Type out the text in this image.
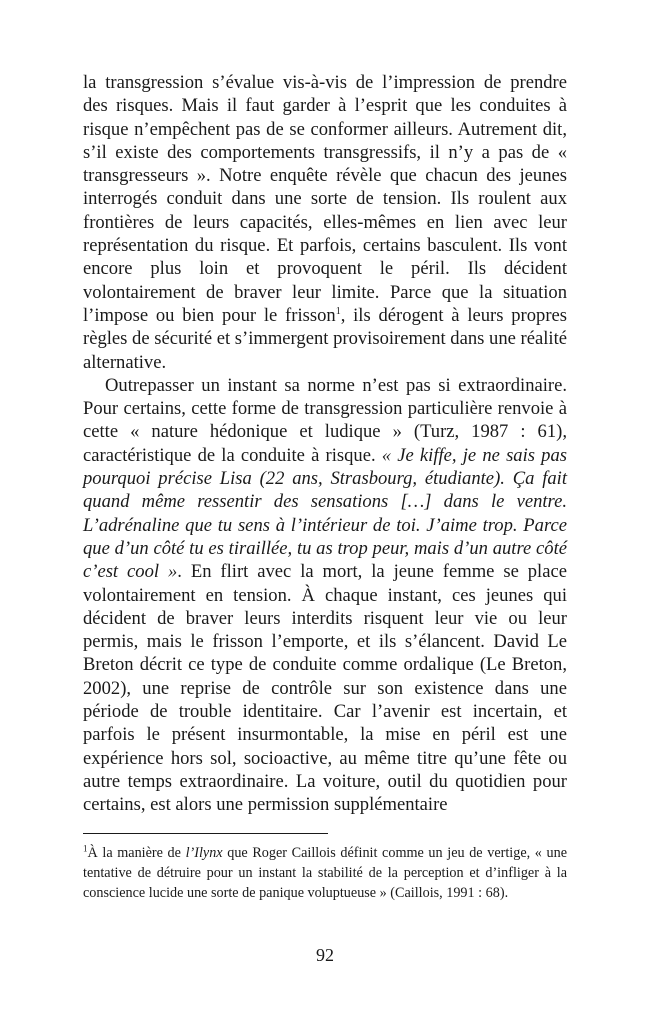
la transgression s’évalue vis-à-vis de l’impression de prendre des risques. Mais il faut garder à l’esprit que les conduites à risque n’empêchent pas de se conformer ailleurs. Autrement dit, s’il existe des comportements transgressifs, il n’y a pas de « transgresseurs ». Notre enquête révèle que chacun des jeunes interrogés conduit dans une sorte de tension. Ils roulent aux frontières de leurs capacités, elles-mêmes en lien avec leur représentation du risque. Et parfois, certains basculent. Ils vont encore plus loin et provoquent le péril. Ils décident volontairement de braver leur limite. Parce que la situation l’impose ou bien pour le frisson$^1$, ils dérogent à leurs propres règles de sécurité et s’immergent provisoirement dans une réalité alternative.

Outrepasser un instant sa norme n’est pas si extraordinaire. Pour certains, cette forme de transgression particulière renvoie à cette « nature hédonique et ludique » (Turz, 1987 : 61), caractéristique de la conduite à risque. « Je kiffe, je ne sais pas pourquoi précise Lisa (22 ans, Strasbourg, étudiante). Ça fait quand même ressentir des sensations […] dans le ventre. L’adrénaline que tu sens à l’intérieur de toi. J’aime trop. Parce que d’un côté tu es tiraillée, tu as trop peur, mais d’un autre côté c’est cool ». En flirt avec la mort, la jeune femme se place volontairement en tension. À chaque instant, ces jeunes qui décident de braver leurs interdits risquent leur vie ou leur permis, mais le frisson l’emporte, et ils s’élancent. David Le Breton décrit ce type de conduite comme ordalique (Le Breton, 2002), une reprise de contrôle sur son existence dans une période de trouble identitaire. Car l’avenir est incertain, et parfois le présent insurmontable, la mise en péril est une expérience hors sol, socioactive, au même titre qu’une fête ou autre temps extraordinaire. La voiture, outil du quotidien pour certains, est alors une permission supplémentaire

$^1$À la manière de l’Ilynx que Roger Caillois définit comme un jeu de vertige, « une tentative de détruire pour un instant la stabilité de la perception et d’infliger à la conscience lucide une sorte de panique voluptueuse » (Caillois, 1991 : 68).

92
